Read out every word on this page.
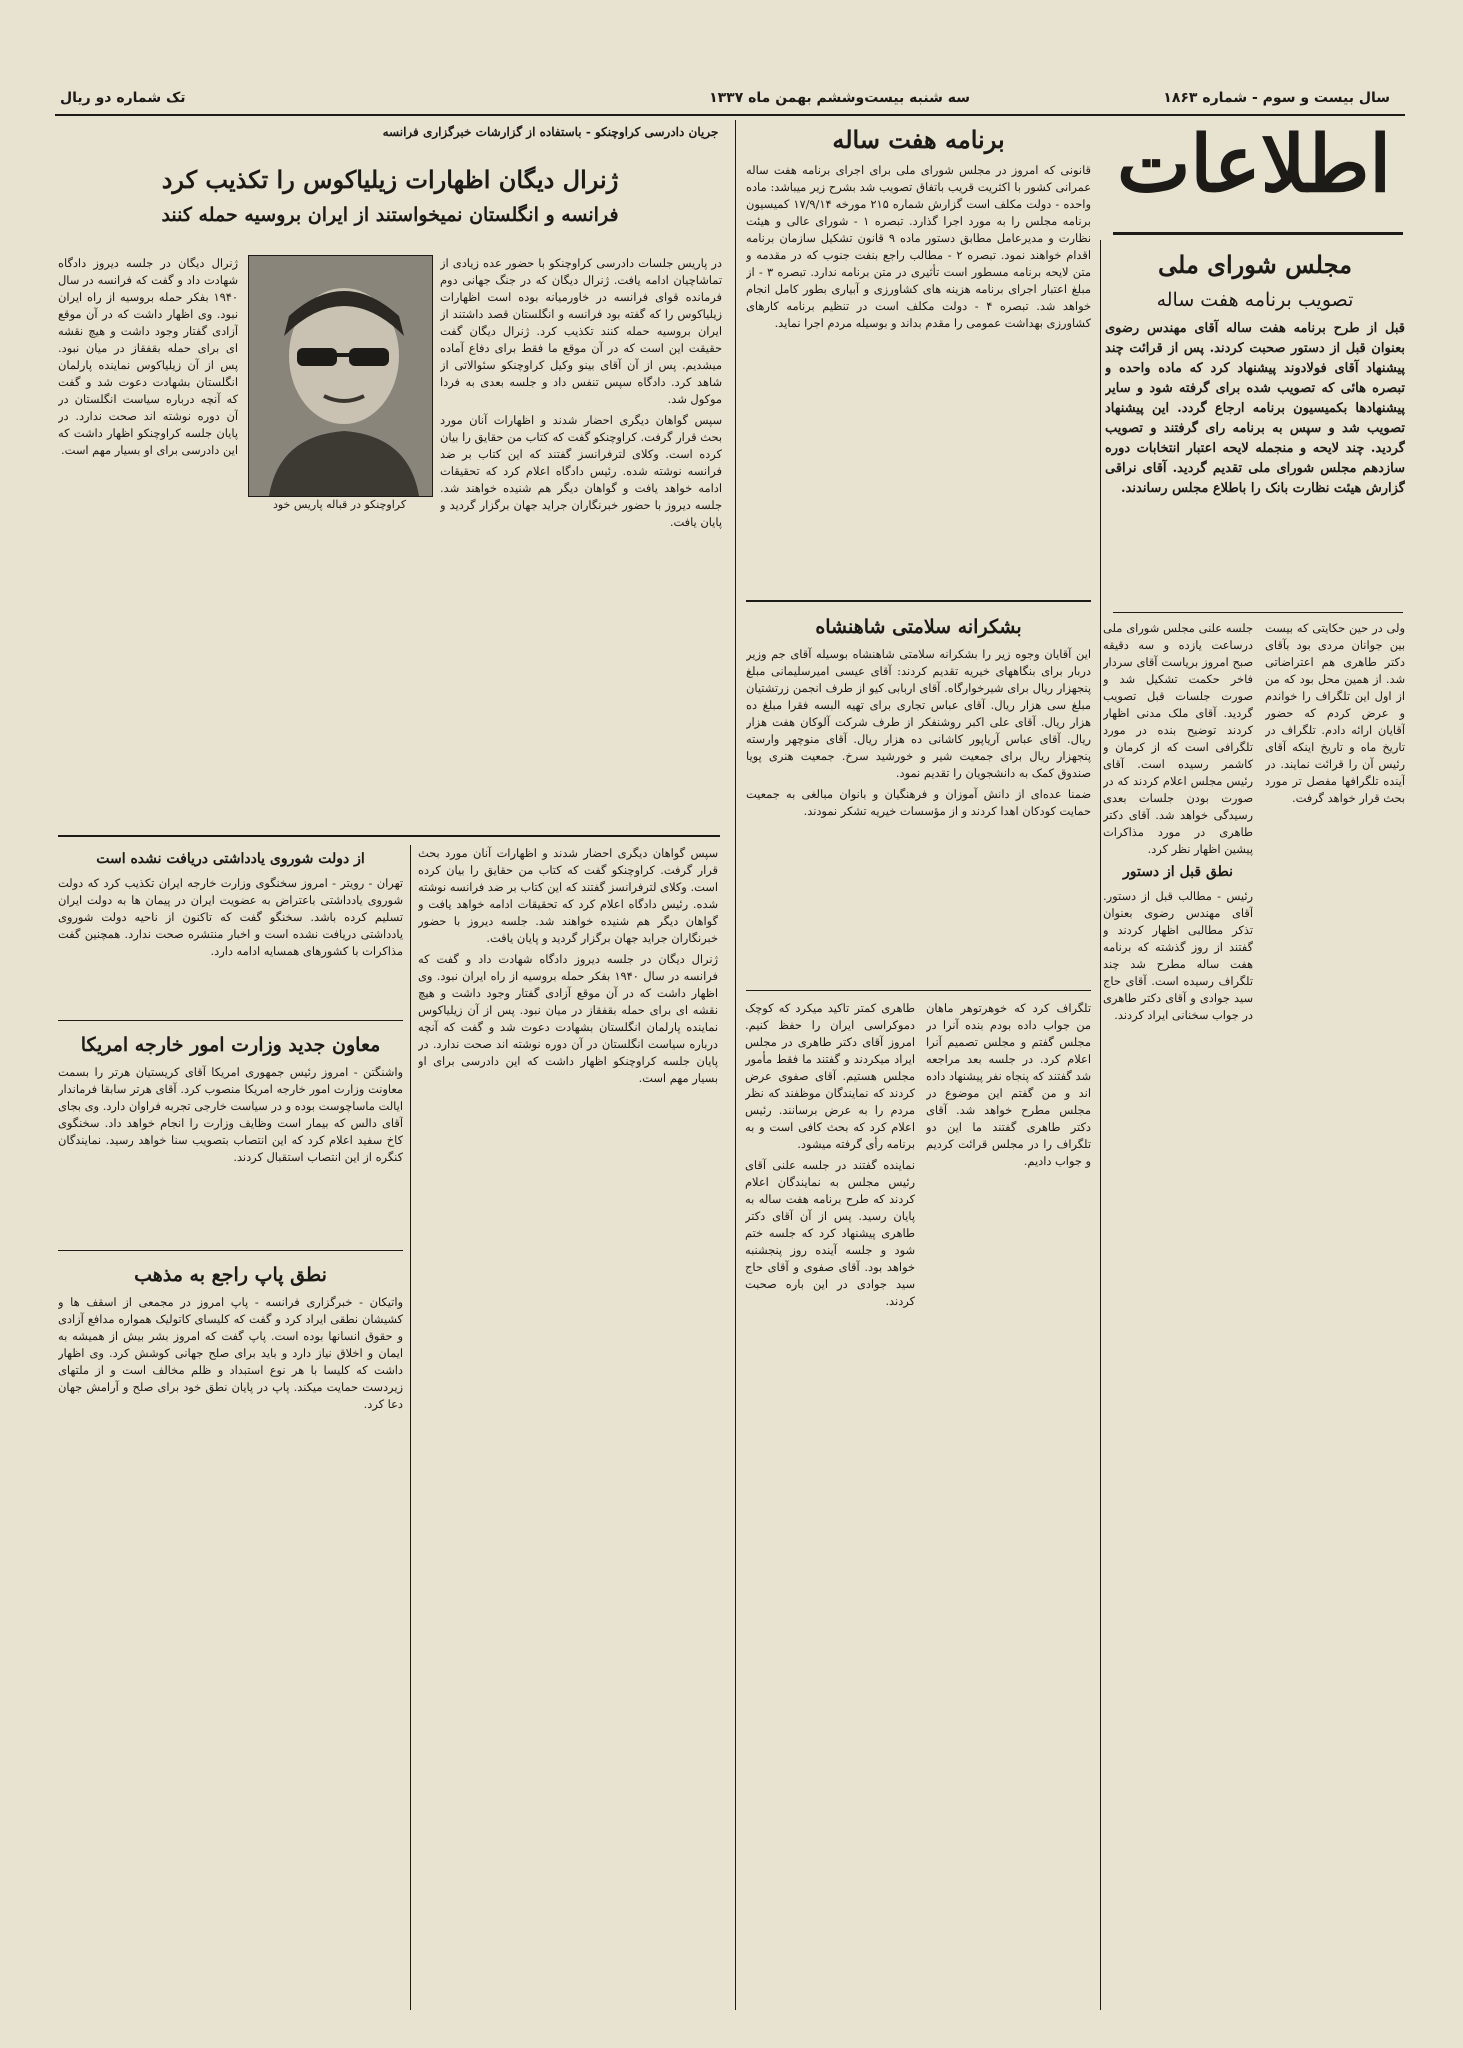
سال بیست و سوم - شماره ۱۸۶۳
سه شنبه بیست‌وششم بهمن ماه ۱۳۳۷
تک شماره دو ریال
اطلاعات
مجلس شورای ملی
تصویب برنامه هفت ساله

قبل از طرح برنامه هفت ساله آقای مهندس رضوی بعنوان قبل از دستور صحبت کردند. پس از قرائت چند پیشنهاد آقای فولادوند پیشنهاد کرد که ماده واحده و تبصره هائی که تصویب شده برای گرفته شود و سایر پیشنهادها بکمیسیون برنامه ارجاع گردد. این پیشنهاد تصویب شد و سپس به برنامه رای گرفتند و تصویب گردید. چند لایحه و منجمله لایحه اعتبار انتخابات دوره سازدهم مجلس شورای ملی تقدیم گردید. آقای نراقی گزارش هیئت نظارت بانک را باطلاع مجلس رساندند.

جلسه علنی مجلس شورای ملی درساعت یازده و سه دقیقه صبح امروز بریاست آقای سردار فاخر حکمت تشکیل شد و صورت جلسات قبل تصویب گردید. آقای ملک مدنی اظهار کردند توضیح بنده در مورد تلگرافی است که از کرمان و کاشمر رسیده است. آقای رئیس مجلس اعلام کردند که در صورت بودن جلسات بعدی رسیدگی خواهد شد. آقای دکتر طاهری در مورد مذاکرات پیشین اظهار نظر کرد.

نطق قبل از دستور

رئیس - مطالب قبل از دستور. آقای مهندس رضوی بعنوان تذکر مطالبی اظهار کردند و گفتند از روز گذشته که برنامه هفت ساله مطرح شد چند تلگراف رسیده است. آقای حاج سید جوادی و آقای دکتر طاهری در جواب سخنانی ایراد کردند.

ولی در حین حکایتی که بیست بین جوانان مردی بود بآقای دکتر طاهری هم اعتراضاتی شد. از همین محل بود که من از اول این تلگراف را خواندم و عرض کردم که حضور آقایان ارائه دادم. تلگراف در تاریخ ماه و تاریخ اینکه آقای رئیس آن را قرائت نمایند. در آینده تلگرافها مفصل تر مورد بحث قرار خواهد گرفت.

برنامه هفت ساله

قانونی که امروز در مجلس شورای ملی برای اجرای برنامه هفت ساله عمرانی کشور با اکثریت قریب باتفاق تصویب شد بشرح زیر میباشد: ماده واحده - دولت مکلف است گزارش شماره ۲۱۵ مورخه ۱۷/۹/۱۴ کمیسیون برنامه مجلس را به مورد اجرا گذارد. تبصره ۱ - شورای عالی و هیئت نظارت و مدیرعامل مطابق دستور ماده ۹ قانون تشکیل سازمان برنامه اقدام خواهند نمود. تبصره ۲ - مطالب راجع بنفت جنوب که در مقدمه و متن لایحه برنامه مسطور است تأثیری در متن برنامه ندارد. تبصره ۳ - از مبلغ اعتبار اجرای برنامه هزینه های کشاورزی و آبیاری بطور کامل انجام خواهد شد. تبصره ۴ - دولت مکلف است در تنظیم برنامه کارهای کشاورزی بهداشت عمومی را مقدم بداند و بوسیله مردم اجرا نماید.

بشکرانه سلامتی شاهنشاه

این آقایان وجوه زیر را بشکرانه سلامتی شاهنشاه بوسیله آقای جم وزیر دربار برای بنگاههای خیریه تقدیم کردند: آقای عیسی امیرسلیمانی مبلغ پنجهزار ریال برای شیرخوارگاه. آقای اربابی کیو از طرف انجمن زرتشتیان مبلغ سی هزار ریال. آقای عباس تجاری برای تهیه البسه فقرا مبلغ ده هزار ریال. آقای علی اکبر روشنفکر از طرف شرکت آلوکان هفت هزار ریال. آقای عباس آریاپور کاشانی ده هزار ریال. آقای منوچهر وارسته پنجهزار ریال برای جمعیت شیر و خورشید سرخ. جمعیت هنری پویا صندوق کمک به دانشجویان را تقدیم نمود.

ضمنا عده‌ای از دانش آموزان و فرهنگیان و بانوان مبالغی به جمعیت حمایت کودکان اهدا کردند و از مؤسسات خیریه تشکر نمودند.

تلگراف کرد که خوهرتوهر ماهان من جواب داده بودم بنده آنرا در مجلس گفتم و مجلس تصمیم آنرا اعلام کرد. در جلسه بعد مراجعه شد گفتند که پنجاه نفر پیشنهاد داده اند و من گفتم این موضوع در مجلس مطرح خواهد شد. آقای دکتر طاهری گفتند ما این دو تلگراف را در مجلس قرائت کردیم و جواب دادیم.

طاهری کمتر تاکید میکرد که کوچک دموکراسی ایران را حفظ کنیم. امروز آقای دکتر طاهری در مجلس ایراد میکردند و گفتند ما فقط مأمور مجلس هستیم. آقای صفوی عرض کردند که نمایندگان موظفند که نظر مردم را به عرض برسانند. رئیس اعلام کرد که بحث کافی است و به برنامه رأی گرفته میشود.

نماینده گفتند در جلسه علنی آقای رئیس مجلس به نمایندگان اعلام کردند که طرح برنامه هفت ساله به پایان رسید. پس از آن آقای دکتر طاهری پیشنهاد کرد که جلسه ختم شود و جلسه آینده روز پنجشنبه خواهد بود. آقای صفوی و آقای حاج سید جوادی در این باره صحبت کردند.

جریان دادرسی کراوچنکو - باستفاده از گزارشات خبرگزاری فرانسه
ژنرال دیگان اظهارات زیلیاکوس را تکذیب کرد
فرانسه و انگلستان نمیخواستند از ایران بروسیه حمله کنند
کراوچنکو در قباله پاریس خود

ژنرال دیگان در جلسه دیروز دادگاه شهادت داد و گفت که فرانسه در سال ۱۹۴۰ بفکر حمله بروسیه از راه ایران نبود. وی اظهار داشت که در آن موقع آزادی گفتار وجود داشت و هیچ نقشه ای برای حمله بقفقاز در میان نبود. پس از آن زیلیاکوس نماینده پارلمان انگلستان بشهادت دعوت شد و گفت که آنچه درباره سیاست انگلستان در آن دوره نوشته اند صحت ندارد. در پایان جلسه کراوچنکو اظهار داشت که این دادرسی برای او بسیار مهم است.

در پاریس جلسات دادرسی کراوچنکو با حضور عده زیادی از تماشاچیان ادامه یافت. ژنرال دیگان که در جنگ جهانی دوم فرمانده قوای فرانسه در خاورمیانه بوده است اظهارات زیلیاکوس را که گفته بود فرانسه و انگلستان قصد داشتند از ایران بروسیه حمله کنند تکذیب کرد. ژنرال دیگان گفت حقیقت این است که در آن موقع ما فقط برای دفاع آماده میشدیم. پس از آن آقای بینو وکیل کراوچنکو سئوالاتی از شاهد کرد. دادگاه سپس تنفس داد و جلسه بعدی به فردا موکول شد.

سپس گواهان دیگری احضار شدند و اظهارات آنان مورد بحث قرار گرفت. کراوچنکو گفت که کتاب من حقایق را بیان کرده است. وکلای لترفرانسز گفتند که این کتاب بر ضد فرانسه نوشته شده. رئیس دادگاه اعلام کرد که تحقیقات ادامه خواهد یافت و گواهان دیگر هم شنیده خواهند شد. جلسه دیروز با حضور خبرنگاران جراید جهان برگزار گردید و پایان یافت.

از دولت شوروی یادداشتی دریافت نشده است

تهران - رویتر - امروز سخنگوی وزارت خارجه ایران تکذیب کرد که دولت شوروی یادداشتی باعتراض به عضویت ایران در پیمان ها به دولت ایران تسلیم کرده باشد. سخنگو گفت که تاکنون از ناحیه دولت شوروی یادداشتی دریافت نشده است و اخبار منتشره صحت ندارد. همچنین گفت مذاکرات با کشورهای همسایه ادامه دارد.

معاون جدید وزارت امور خارجه امریکا

واشنگتن - امروز رئیس جمهوری امریکا آقای کریستیان هرتر را بسمت معاونت وزارت امور خارجه امریکا منصوب کرد. آقای هرتر سابقا فرماندار ایالت ماساچوست بوده و در سیاست خارجی تجربه فراوان دارد. وی بجای آقای دالس که بیمار است وظایف وزارت را انجام خواهد داد. سخنگوی کاخ سفید اعلام کرد که این انتصاب بتصویب سنا خواهد رسید. نمایندگان کنگره از این انتصاب استقبال کردند.

نطق پاپ راجع به مذهب

واتیکان - خبرگزاری فرانسه - پاپ امروز در مجمعی از اسقف ها و کشیشان نطقی ایراد کرد و گفت که کلیسای کاتولیک همواره مدافع آزادی و حقوق انسانها بوده است. پاپ گفت که امروز بشر بیش از همیشه به ایمان و اخلاق نیاز دارد و باید برای صلح جهانی کوشش کرد. وی اظهار داشت که کلیسا با هر نوع استبداد و ظلم مخالف است و از ملتهای زیردست حمایت میکند. پاپ در پایان نطق خود برای صلح و آرامش جهان دعا کرد.

سپس گواهان دیگری احضار شدند و اظهارات آنان مورد بحث قرار گرفت. کراوچنکو گفت که کتاب من حقایق را بیان کرده است. وکلای لترفرانسز گفتند که این کتاب بر ضد فرانسه نوشته شده. رئیس دادگاه اعلام کرد که تحقیقات ادامه خواهد یافت و گواهان دیگر هم شنیده خواهند شد. جلسه دیروز با حضور خبرنگاران جراید جهان برگزار گردید و پایان یافت.

ژنرال دیگان در جلسه دیروز دادگاه شهادت داد و گفت که فرانسه در سال ۱۹۴۰ بفکر حمله بروسیه از راه ایران نبود. وی اظهار داشت که در آن موقع آزادی گفتار وجود داشت و هیچ نقشه ای برای حمله بقفقاز در میان نبود. پس از آن زیلیاکوس نماینده پارلمان انگلستان بشهادت دعوت شد و گفت که آنچه درباره سیاست انگلستان در آن دوره نوشته اند صحت ندارد. در پایان جلسه کراوچنکو اظهار داشت که این دادرسی برای او بسیار مهم است.
